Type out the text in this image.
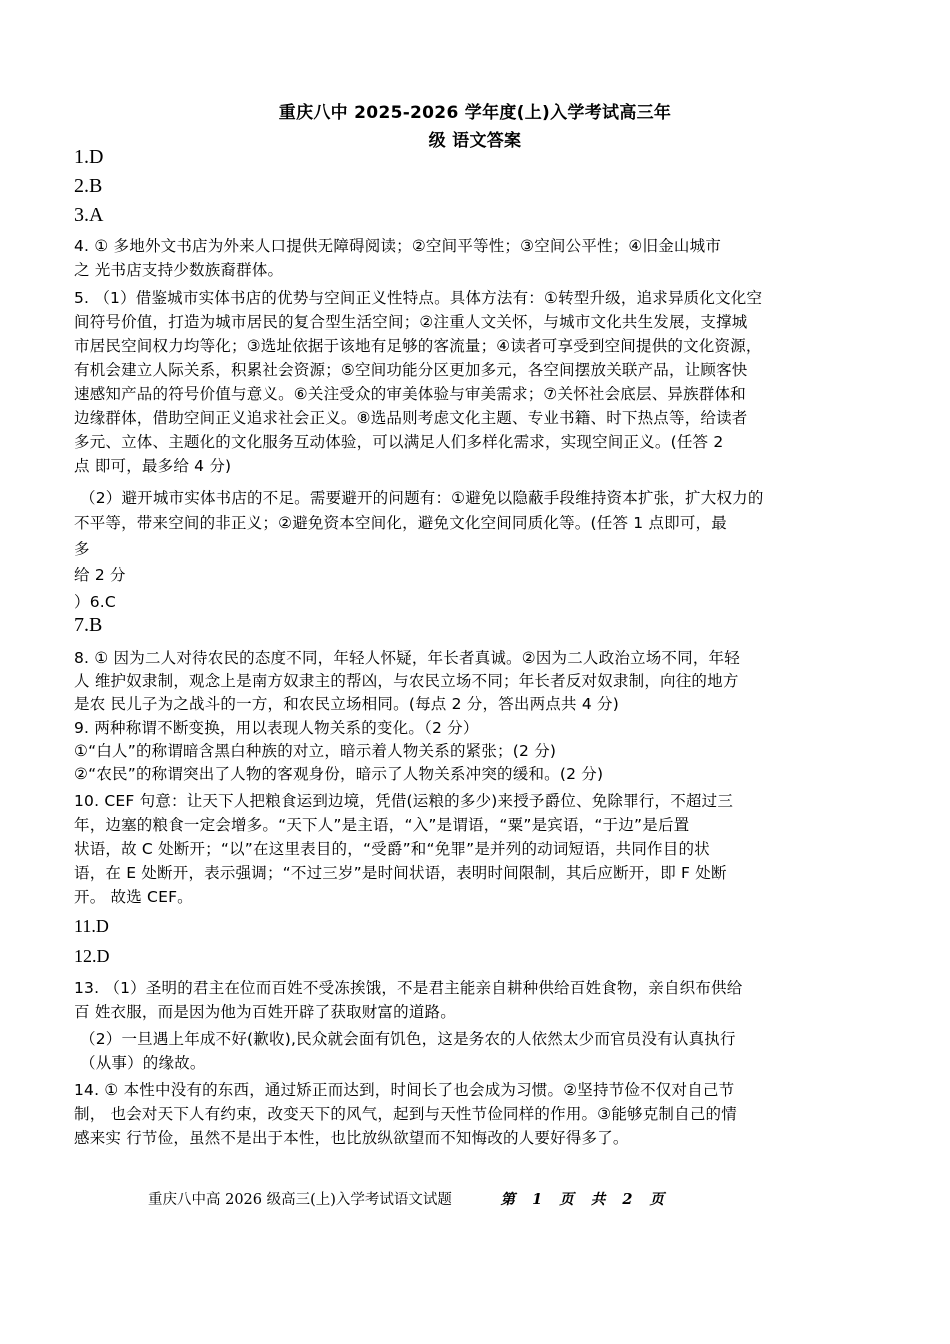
重庆八中 2025-2026 学年度(上)入学考试高三年
级 语文答案
1.D
2.B
3.A
4. ① 多地外文书店为外来人口提供无障碍阅读；②空间平等性；③空间公平性；④旧金山城市
之 光书店支持少数族裔群体。
5. （1）借鉴城市实体书店的优势与空间正义性特点。具体方法有：①转型升级，追求异质化文化空
间符号价值，打造为城市居民的复合型生活空间；②注重人文关怀，与城市文化共生发展，支撑城
市居民空间权力均等化；③选址依据于该地有足够的客流量；④读者可享受到空间提供的文化资源，
有机会建立人际关系，积累社会资源；⑤空间功能分区更加多元，各空间摆放关联产品，让顾客快
速感知产品的符号价值与意义。⑥关注受众的审美体验与审美需求；⑦关怀社会底层、异族群体和
边缘群体，借助空间正义追求社会正义。⑧选品则考虑文化主题、专业书籍、时下热点等，给读者
多元、立体、主题化的文化服务互动体验，可以满足人们多样化需求，实现空间正义。(任答 2
点 即可，最多给 4 分)
（2）避开城市实体书店的不足。需要避开的问题有：①避免以隐蔽手段维持资本扩张，扩大权力的
不平等，带来空间的非正义；②避免资本空间化，避免文化空间同质化等。(任答 1 点即可，最
多
给 2 分
）6.C
7.B
8. ① 因为二人对待农民的态度不同，年轻人怀疑，年长者真诚。②因为二人政治立场不同，年轻
人 维护奴隶制，观念上是南方奴隶主的帮凶，与农民立场不同；年长者反对奴隶制，向往的地方
是农 民儿子为之战斗的一方，和农民立场相同。(每点 2 分，答出两点共 4 分)
9. 两种称谓不断变换，用以表现人物关系的变化。（2 分）
①“白人”的称谓暗含黑白种族的对立，暗示着人物关系的紧张；(2 分)
②“农民”的称谓突出了人物的客观身份，暗示了人物关系冲突的缓和。(2 分)
10. CEF 句意：让天下人把粮食运到边境，凭借(运粮的多少)来授予爵位、免除罪行，不超过三
年，边塞的粮食一定会增多。“天下人”是主语，“入”是谓语，“粟”是宾语，“于边”是后置
状语，故 C 处断开；“以”在这里表目的，“受爵”和“免罪”是并列的动词短语，共同作目的状
语，在 E 处断开，表示强调；“不过三岁”是时间状语，表明时间限制，其后应断开，即 F 处断
开。 故选 CEF。
11.D
12.D
13. （1）圣明的君主在位而百姓不受冻挨饿，不是君主能亲自耕种供给百姓食物，亲自织布供给
百 姓衣服，而是因为他为百姓开辟了获取财富的道路。
（2）一旦遇上年成不好(歉收),民众就会面有饥色，这是务农的人依然太少而官员没有认真执行
（从事）的缘故。
14. ① 本性中没有的东西，通过矫正而达到，时间长了也会成为习惯。②坚持节俭不仅对自己节
制， 也会对天下人有约束，改变天下的风气，起到与天性节俭同样的作用。③能够克制自己的情
感来实 行节俭，虽然不是出于本性，也比放纵欲望而不知悔改的人要好得多了。
重庆八中高 2026 级高三(上)入学考试语文试题	第 1 页 共 2 页
